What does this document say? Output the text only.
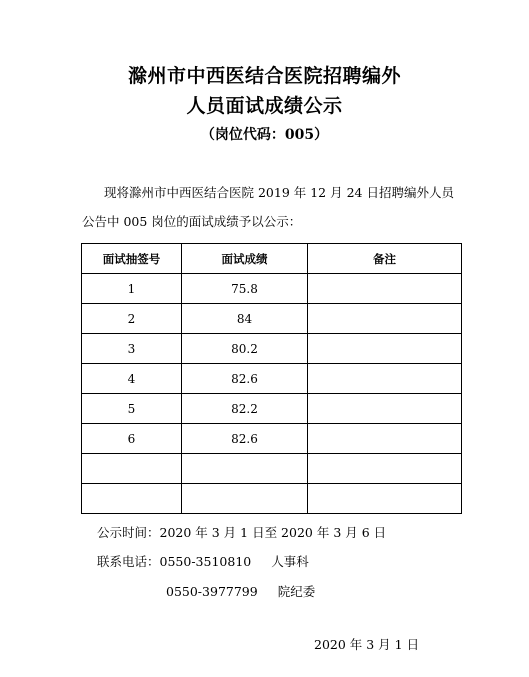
滁州市中西医结合医院招聘编外
人员面试成绩公示
（岗位代码：005）
现将滁州市中西医结合医院 2019 年 12 月 24 日招聘编外人员公告中 005 岗位的面试成绩予以公示：
面试抽签号	面试成绩	备注
1	75.8	
2	84	
3	80.2	
4	82.6	
5	82.2	
6	82.6	

公示时间：2020 年 3 月 1 日至 2020 年 3 月 6 日
联系电话：0550-3510810 人事科
0550-3977799 院纪委
2020 年 3 月 1 日
